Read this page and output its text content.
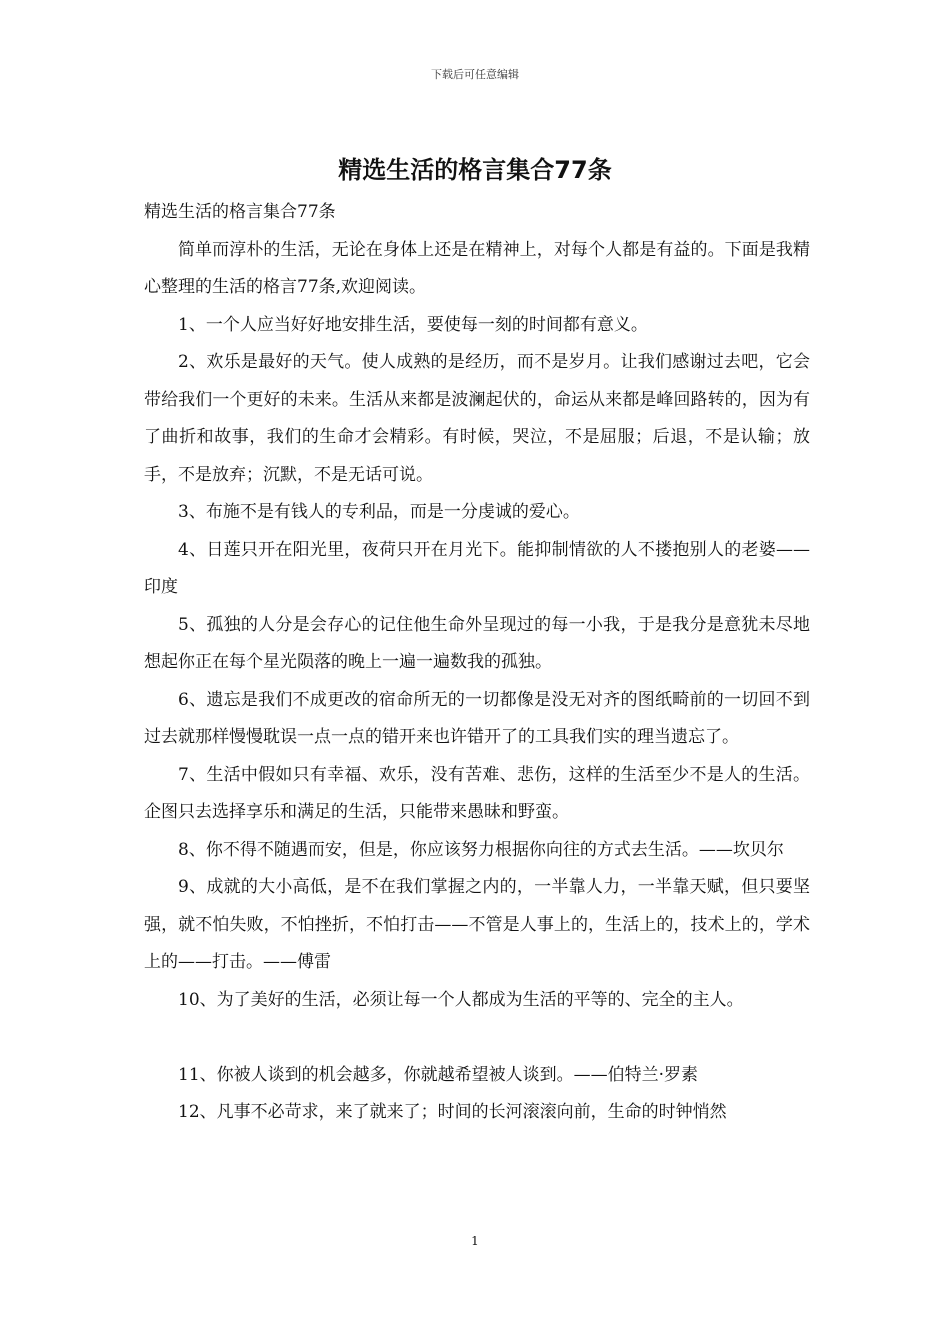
下载后可任意编辑
精选生活的格言集合77条

精选生活的格言集合77条

简单而淳朴的生活，无论在身体上还是在精神上，对每个人都是有益的。下面是我精心整理的生活的格言77条,欢迎阅读。

1、一个人应当好好地安排生活，要使每一刻的时间都有意义。

2、欢乐是最好的天气。使人成熟的是经历，而不是岁月。让我们感谢过去吧，它会带给我们一个更好的未来。生活从来都是波澜起伏的，命运从来都是峰回路转的，因为有了曲折和故事，我们的生命才会精彩。有时候，哭泣，不是屈服；后退，不是认输；放手，不是放弃；沉默，不是无话可说。

3、布施不是有钱人的专利品，而是一分虔诚的爱心。

4、日莲只开在阳光里，夜荷只开在月光下。能抑制情欲的人不搂抱别人的老婆——印度

5、孤独的人分是会存心的记住他生命外呈现过的每一小我，于是我分是意犹未尽地想起你正在每个星光陨落的晚上一遍一遍数我的孤独。

6、遗忘是我们不成更改的宿命所无的一切都像是没无对齐的图纸畸前的一切回不到过去就那样慢慢耽误一点一点的错开来也许错开了的工具我们实的理当遗忘了。

7、生活中假如只有幸福、欢乐，没有苦难、悲伤，这样的生活至少不是人的生活。企图只去选择享乐和满足的生活，只能带来愚昧和野蛮。

8、你不得不随遇而安，但是，你应该努力根据你向往的方式去生活。——坎贝尔

9、成就的大小高低，是不在我们掌握之内的，一半靠人力，一半靠天赋，但只要坚强，就不怕失败，不怕挫折，不怕打击——不管是人事上的，生活上的，技术上的，学术上的——打击。——傅雷

10、为了美好的生活，必须让每一个人都成为生活的平等的、完全的主人。

11、你被人谈到的机会越多，你就越希望被人谈到。——伯特兰·罗素

12、凡事不必苛求，来了就来了；时间的长河滚滚向前，生命的时钟悄然

1
